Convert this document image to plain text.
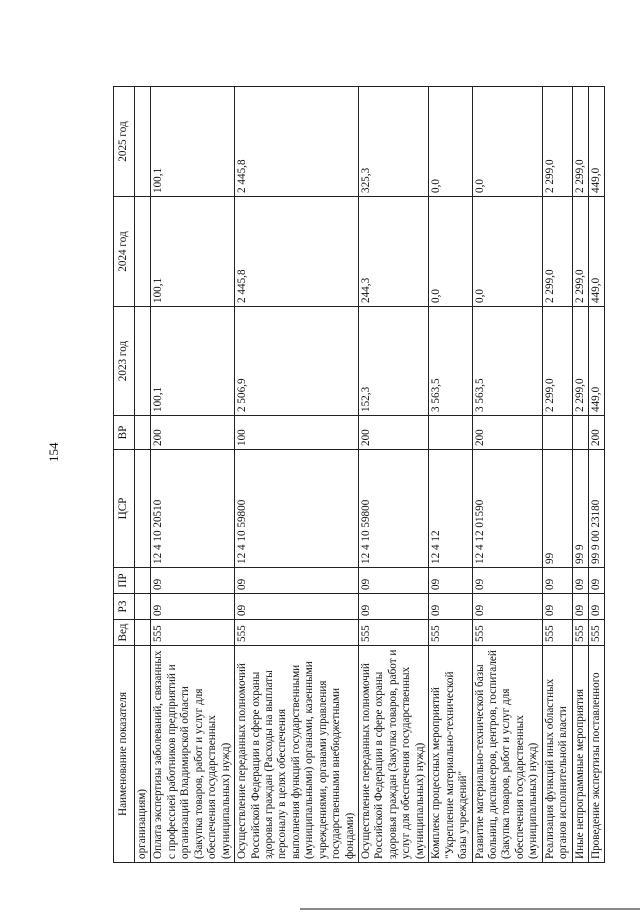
154
Наименование показателя	Вед	РЗ	ПР	ЦСР	ВР	2023 год	2024 год	2025 год
организациям)								
Оплата экспертизы заболеваний, связанных с профессией работников предприятий и организаций Владимирской области (Закупка товаров, работ и услуг для обеспечения государственных (муниципальных) нужд)	555	09	09	12 4 10 20510	200	100,1	100,1	100,1
Осуществление переданных полномочий Российской Федерации в сфере охраны здоровья граждан (Расходы на выплаты персоналу в целях обеспечения выполнения функций государственными (муниципальными) органами, казенными учреждениями, органами управления государственными внебюджетными фондами)	555	09	09	12 4 10 59800	100	2 506,9	2 445,8	2 445,8
Осуществление переданных полномочий Российской Федерации в сфере охраны здоровья граждан (Закупка товаров, работ и услуг для обеспечения государственных (муниципальных) нужд)	555	09	09	12 4 10 59800	200	152,3	244,3	325,3
Комплекс процессных мероприятий "Укрепление материально-технической базы учреждений"	555	09	09	12 4 12		3 563,5	0,0	0,0
Развитие материально-технической базы больниц, диспансеров, центров, госпиталей (Закупка товаров, работ и услуг для обеспечения государственных (муниципальных) нужд)	555	09	09	12 4 12 01590	200	3 563,5	0,0	0,0
Реализация функций иных областных органов исполнительной власти	555	09	09	99		2 299,0	2 299,0	2 299,0
Иные непрограммные мероприятия	555	09	09	99 9		2 299,0	2 299,0	2 299,0
Проведение экспертизы поставленного	555	09	09	99 9 00 23180	200	449,0	449,0	449,0
